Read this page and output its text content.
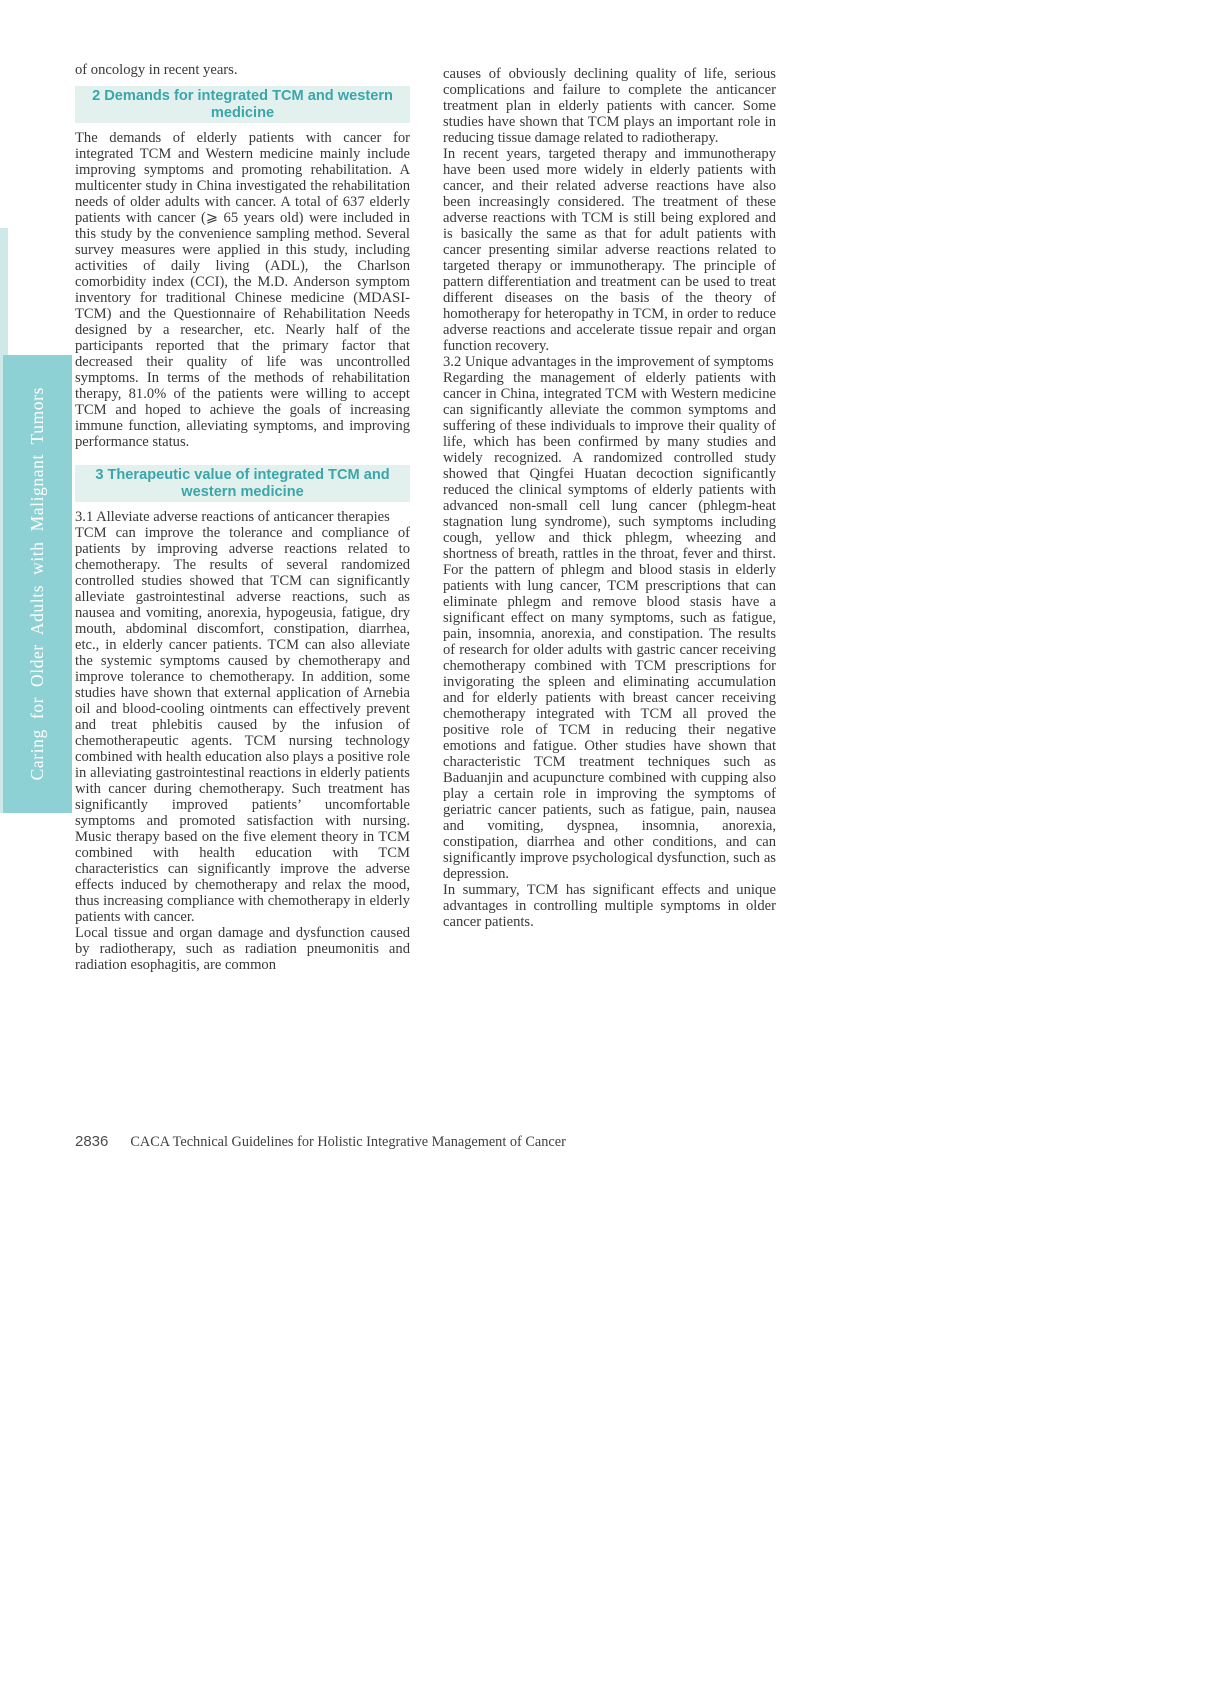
Caring for Older Adults with Malignant Tumors

of oncology in recent years.

2 Demands for integrated TCM and western medicine

The demands of elderly patients with cancer for integrated TCM and Western medicine mainly include improving symptoms and promoting rehabilitation. A multicenter study in China investigated the rehabilitation needs of older adults with cancer. A total of 637 elderly patients with cancer (⩾ 65 years old) were included in this study by the convenience sampling method. Several survey measures were applied in this study, including activities of daily living (ADL), the Charlson comorbidity index (CCI), the M.D. Anderson symptom inventory for traditional Chinese medicine (MDASI-TCM) and the Questionnaire of Rehabilitation Needs designed by a researcher, etc. Nearly half of the participants reported that the primary factor that decreased their quality of life was uncontrolled symptoms. In terms of the methods of rehabilitation therapy, 81.0% of the patients were willing to accept TCM and hoped to achieve the goals of increasing immune function, alleviating symptoms, and improving performance status.

3 Therapeutic value of integrated TCM and western medicine

3.1 Alleviate adverse reactions of anticancer therapies

TCM can improve the tolerance and compliance of patients by improving adverse reactions related to chemotherapy. The results of several randomized controlled studies showed that TCM can significantly alleviate gastrointestinal adverse reactions, such as nausea and vomiting, anorexia, hypogeusia, fatigue, dry mouth, abdominal discomfort, constipation, diarrhea, etc., in elderly cancer patients. TCM can also alleviate the systemic symptoms caused by chemotherapy and improve tolerance to chemotherapy. In addition, some studies have shown that external application of Arnebia oil and blood-cooling ointments can effectively prevent and treat phlebitis caused by the infusion of chemotherapeutic agents. TCM nursing technology combined with health education also plays a positive role in alleviating gastrointestinal reactions in elderly patients with cancer during chemotherapy. Such treatment has significantly improved patients’ uncomfortable symptoms and promoted satisfaction with nursing. Music therapy based on the five element theory in TCM combined with health education with TCM characteristics can significantly improve the adverse effects induced by chemotherapy and relax the mood, thus increasing compliance with chemotherapy in elderly patients with cancer.

Local tissue and organ damage and dysfunction caused by radiotherapy, such as radiation pneumonitis and radiation esophagitis, are common

causes of obviously declining quality of life, serious complications and failure to complete the anticancer treatment plan in elderly patients with cancer. Some studies have shown that TCM plays an important role in reducing tissue damage related to radiotherapy.

In recent years, targeted therapy and immunotherapy have been used more widely in elderly patients with cancer, and their related adverse reactions have also been increasingly considered. The treatment of these adverse reactions with TCM is still being explored and is basically the same as that for adult patients with cancer presenting similar adverse reactions related to targeted therapy or immunotherapy. The principle of pattern differentiation and treatment can be used to treat different diseases on the basis of the theory of homotherapy for heteropathy in TCM, in order to reduce adverse reactions and accelerate tissue repair and organ function recovery.

3.2 Unique advantages in the improvement of symptoms

Regarding the management of elderly patients with cancer in China, integrated TCM with Western medicine can significantly alleviate the common symptoms and suffering of these individuals to improve their quality of life, which has been confirmed by many studies and widely recognized. A randomized controlled study showed that Qingfei Huatan decoction significantly reduced the clinical symptoms of elderly patients with advanced non-small cell lung cancer (phlegm-heat stagnation lung syndrome), such symptoms including cough, yellow and thick phlegm, wheezing and shortness of breath, rattles in the throat, fever and thirst. For the pattern of phlegm and blood stasis in elderly patients with lung cancer, TCM prescriptions that can eliminate phlegm and remove blood stasis have a significant effect on many symptoms, such as fatigue, pain, insomnia, anorexia, and constipation. The results of research for older adults with gastric cancer receiving chemotherapy combined with TCM prescriptions for invigorating the spleen and eliminating accumulation and for elderly patients with breast cancer receiving chemotherapy integrated with TCM all proved the positive role of TCM in reducing their negative emotions and fatigue. Other studies have shown that characteristic TCM treatment techniques such as Baduanjin and acupuncture combined with cupping also play a certain role in improving the symptoms of geriatric cancer patients, such as fatigue, pain, nausea and vomiting, dyspnea, insomnia, anorexia, constipation, diarrhea and other conditions, and can significantly improve psychological dysfunction, such as depression.

In summary, TCM has significant effects and unique advantages in controlling multiple symptoms in older cancer patients.

2836 CACA Technical Guidelines for Holistic Integrative Management of Cancer
